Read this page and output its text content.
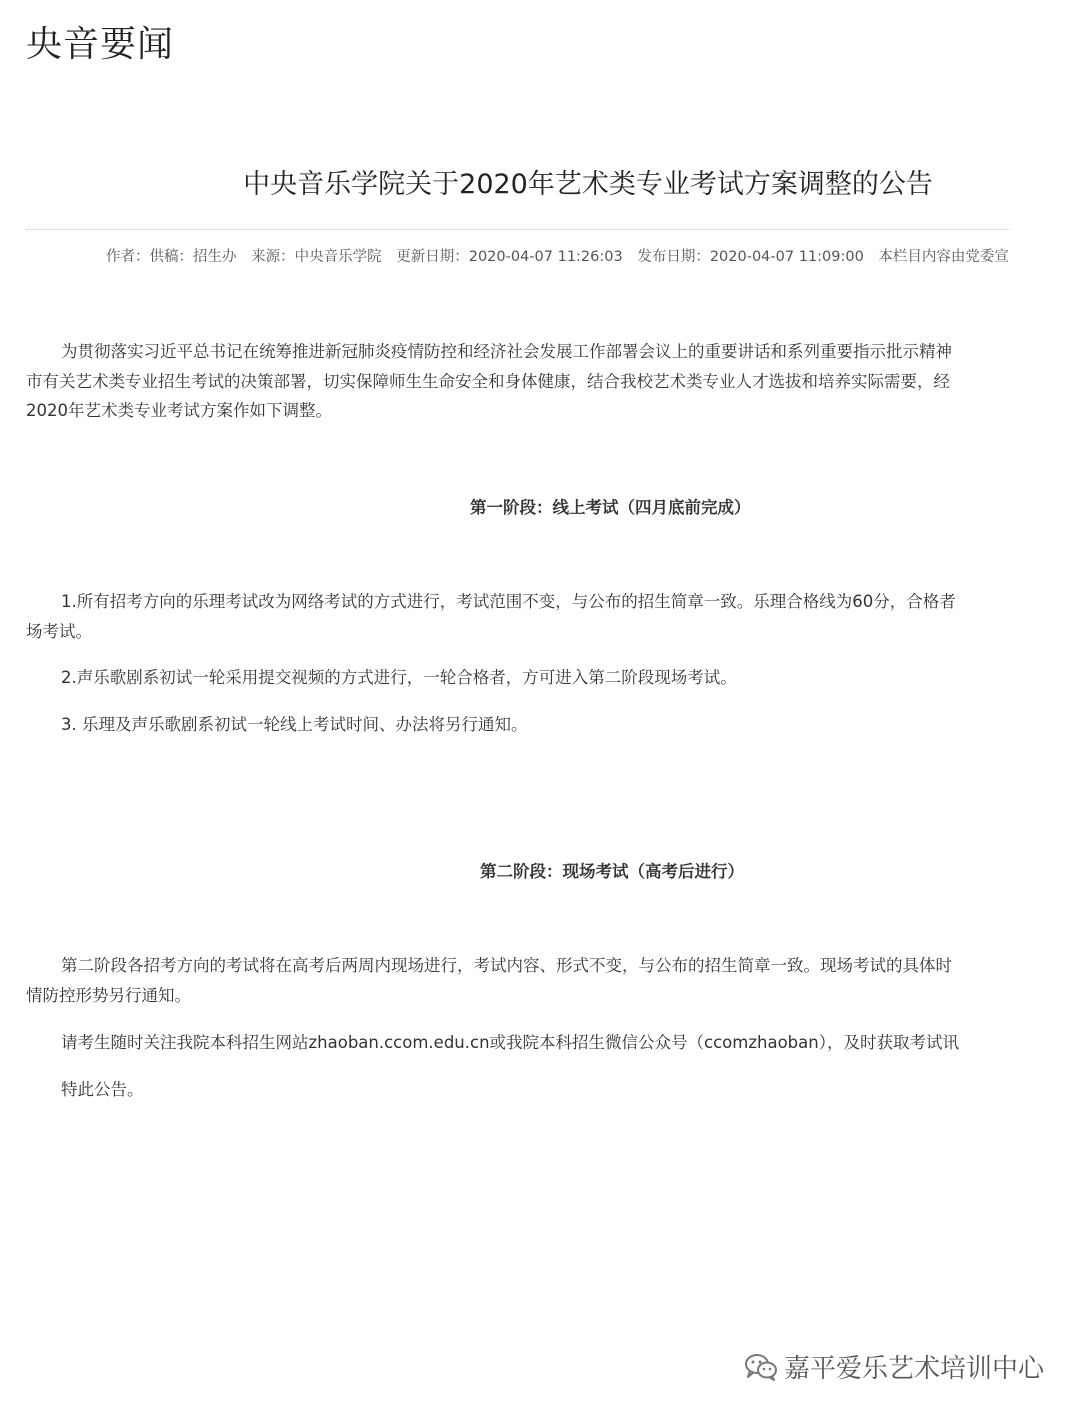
央音要闻
中央音乐学院关于2020年艺术类专业考试方案调整的公告
作者：供稿：招生办 来源：中央音乐学院 更新日期：2020-04-07 11:26:03 发布日期：2020-04-07 11:09:00 本栏目内容由党委宣
为贯彻落实习近平总书记在统筹推进新冠肺炎疫情防控和经济社会发展工作部署会议上的重要讲话和系列重要指示批示精神
市有关艺术类专业招生考试的决策部署，切实保障师生生命安全和身体健康，结合我校艺术类专业人才选拔和培养实际需要，经
2020年艺术类专业考试方案作如下调整。
第一阶段：线上考试（四月底前完成）
1.所有招考方向的乐理考试改为网络考试的方式进行，考试范围不变，与公布的招生简章一致。乐理合格线为60分，合格者
场考试。
2.声乐歌剧系初试一轮采用提交视频的方式进行，一轮合格者，方可进入第二阶段现场考试。
3. 乐理及声乐歌剧系初试一轮线上考试时间、办法将另行通知。
第二阶段：现场考试（高考后进行）
第二阶段各招考方向的考试将在高考后两周内现场进行，考试内容、形式不变，与公布的招生简章一致。现场考试的具体时
情防控形势另行通知。
请考生随时关注我院本科招生网站zhaoban.ccom.edu.cn或我院本科招生微信公众号（ccomzhaoban），及时获取考试讯
特此公告。
嘉平爱乐艺术培训中心
